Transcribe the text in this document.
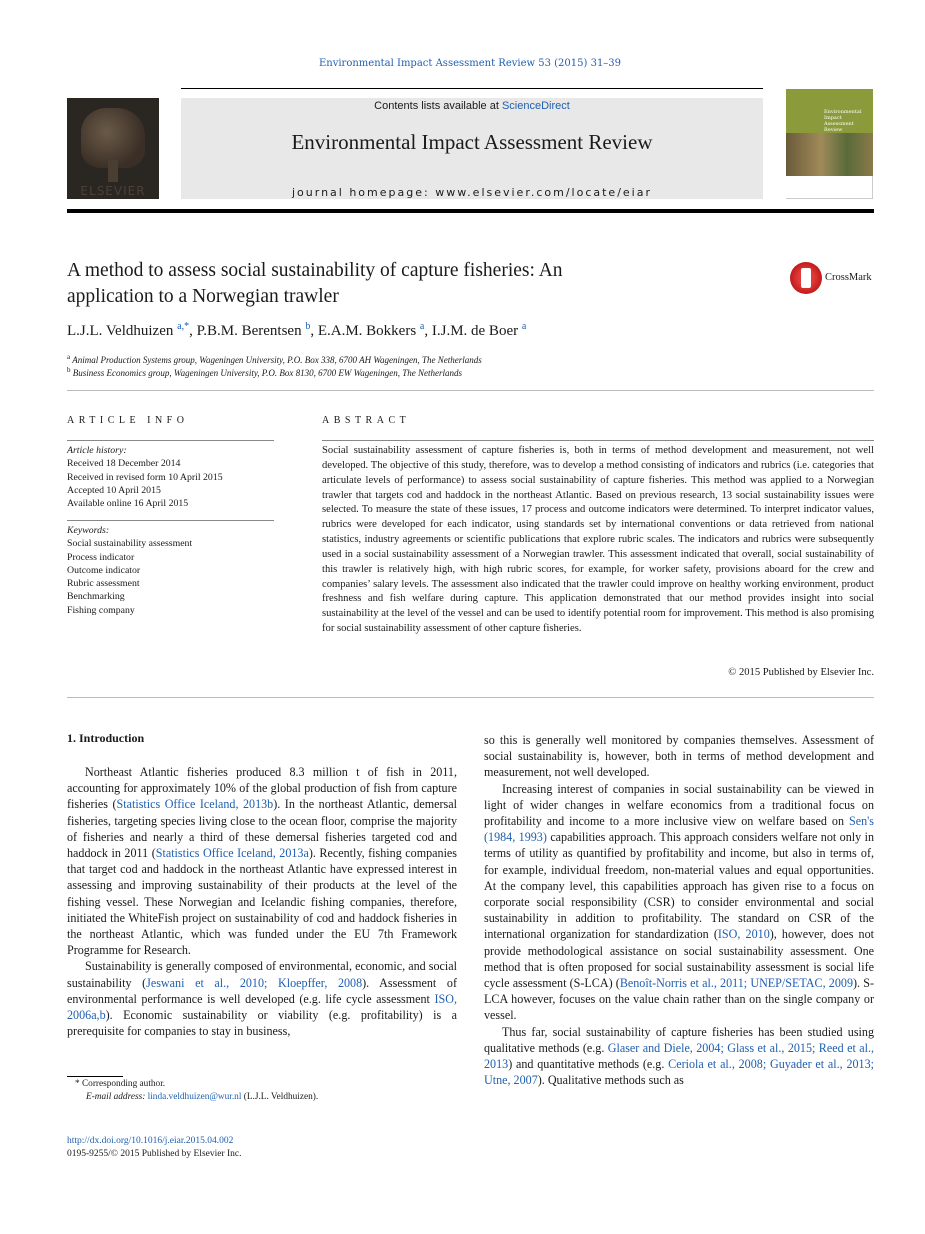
Environmental Impact Assessment Review 53 (2015) 31–39
ELSEVIER
Contents lists available at ScienceDirect
Environmental Impact Assessment Review
journal homepage: www.elsevier.com/locate/eiar
Environmental Impact Assessment Review
A method to assess social sustainability of capture fisheries: An
application to a Norwegian trawler
CrossMark
L.J.L. Veldhuizen $^{a,*}$, P.B.M. Berentsen $^b$, E.A.M. Bokkers $^a$, I.J.M. de Boer $^a$
$^a$ Animal Production Systems group, Wageningen University, P.O. Box 338, 6700 AH Wageningen, The Netherlands
$^b$ Business Economics group, Wageningen University, P.O. Box 8130, 6700 EW Wageningen, The Netherlands
ARTICLE INFO
Article history:
Received 18 December 2014
Received in revised form 10 April 2015
Accepted 10 April 2015
Available online 16 April 2015
Keywords:
Social sustainability assessment
Process indicator
Outcome indicator
Rubric assessment
Benchmarking
Fishing company
ABSTRACT
Social sustainability assessment of capture fisheries is, both in terms of method development and measurement, not well developed. The objective of this study, therefore, was to develop a method consisting of indicators and rubrics (i.e. categories that articulate levels of performance) to assess social sustainability of capture fisheries. This method was applied to a Norwegian trawler that targets cod and haddock in the northeast Atlantic. Based on previous research, 13 social sustainability issues were selected. To measure the state of these issues, 17 process and outcome indicators were determined. To interpret indicator values, rubrics were developed for each indicator, using standards set by international conventions or data retrieved from national statistics, industry agreements or scientific publications that explore rubric scales. The indicators and rubrics were subsequently used in a social sustainability assessment of a Norwegian trawler. This assessment indicated that overall, social sustainability of this trawler is relatively high, with high rubric scores, for example, for worker safety, provisions aboard for the crew and companies’ salary levels. The assessment also indicated that the trawler could improve on healthy working environment, product freshness and fish welfare during capture. This application demonstrated that our method provides insight into social sustainability at the level of the vessel and can be used to identify potential room for improvement. This method is also promising for social sustainability assessment of other capture fisheries.
© 2015 Published by Elsevier Inc.
1. Introduction

Northeast Atlantic fisheries produced 8.3 million t of fish in 2011, accounting for approximately 10% of the global production of fish from capture fisheries (Statistics Office Iceland, 2013b). In the northeast Atlantic, demersal fisheries, targeting species living close to the ocean floor, comprise the majority of fisheries and nearly a third of these demersal fisheries targeted cod and haddock in 2011 (Statistics Office Iceland, 2013a). Recently, fishing companies that target cod and haddock in the northeast Atlantic have expressed interest in assessing and improving sustainability of their products at the level of the fishing vessel. These Norwegian and Icelandic fishing companies, therefore, initiated the WhiteFish project on sustainability of cod and haddock fisheries in the northeast Atlantic, which was funded under the EU 7th Framework Programme for Research.

Sustainability is generally composed of environmental, economic, and social sustainability (Jeswani et al., 2010; Kloepffer, 2008). Assessment of environmental performance is well developed (e.g. life cycle assessment ISO, 2006a,b). Economic sustainability or viability (e.g. profitability) is a prerequisite for companies to stay in business,

so this is generally well monitored by companies themselves. Assessment of social sustainability is, however, both in terms of method development and measurement, not well developed.

Increasing interest of companies in social sustainability can be viewed in light of wider changes in welfare economics from a traditional focus on profitability and income to a more inclusive view on welfare based on Sen's (1984, 1993) capabilities approach. This approach considers welfare not only in terms of utility as quantified by profitability and income, but also in terms of, for example, individual freedom, non-material values and equal opportunities. At the company level, this capabilities approach has given rise to a focus on corporate social responsibility (CSR) to consider environmental and social sustainability in addition to profitability. The standard on CSR of the international organization for standardization (ISO, 2010), however, does not provide methodological assistance on social sustainability assessment. One method that is often proposed for social sustainability assessment is social life cycle assessment (S-LCA) (Benoît-Norris et al., 2011; UNEP/SETAC, 2009). S-LCA however, focuses on the value chain rather than on the single company or vessel.

Thus far, social sustainability of capture fisheries has been studied using qualitative methods (e.g. Glaser and Diele, 2004; Glass et al., 2015; Reed et al., 2013) and quantitative methods (e.g. Ceriola et al., 2008; Guyader et al., 2013; Utne, 2007). Qualitative methods such as

* Corresponding author.
E-mail address: linda.veldhuizen@wur.nl (L.J.L. Veldhuizen).
http://dx.doi.org/10.1016/j.eiar.2015.04.002
0195-9255/© 2015 Published by Elsevier Inc.
